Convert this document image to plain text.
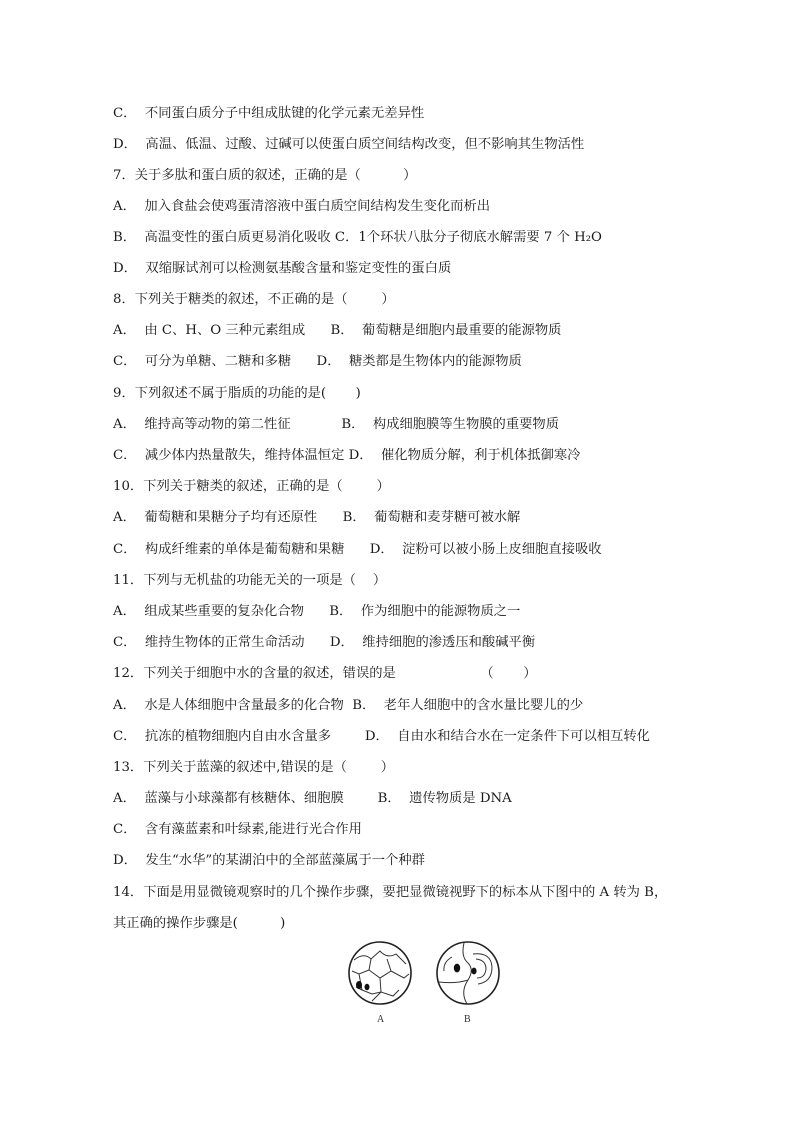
C．  不同蛋白质分子中组成肽键的化学元素无差异性
D．  高温、低温、过酸、过碱可以使蛋白质空间结构改变，但不影响其生物活性
7．关于多肽和蛋白质的叙述，正确的是（          ）
A．  加入食盐会使鸡蛋清溶液中蛋白质空间结构发生变化而析出
B．  高温变性的蛋白质更易消化吸收 C．1个环状八肽分子彻底水解需要 7 个 H₂O
D．  双缩脲试剂可以检测氨基酸含量和鉴定变性的蛋白质
8．下列关于糖类的叙述，不正确的是（        ）
A．  由 C、H、O 三种元素组成      B．  葡萄糖是细胞内最重要的能源物质
C．  可分为单糖、二糖和多糖      D．  糖类都是生物体内的能源物质
9．下列叙述不属于脂质的功能的是(       )
A．  维持高等动物的第二性征            B．  构成细胞膜等生物膜的重要物质
C．  减少体内热量散失，维持体温恒定 D．  催化物质分解，利于机体抵御寒冷
10．下列关于糖类的叙述，正确的是（        ）
A．  葡萄糖和果糖分子均有还原性      B．  葡萄糖和麦芽糖可被水解
C．  构成纤维素的单体是葡萄糖和果糖      D．  淀粉可以被小肠上皮细胞直接吸收
11．下列与无机盐的功能无关的一项是（    ）
A．  组成某些重要的复杂化合物      B．  作为细胞中的能源物质之一
C．  维持生物体的正常生命活动      D．  维持细胞的渗透压和酸碱平衡
12．下列关于细胞中水的含量的叙述，错误的是                    （       ）
A．  水是人体细胞中含量最多的化合物  B．  老年人细胞中的含水量比婴儿的少
C．  抗冻的植物细胞内自由水含量多        D．  自由水和结合水在一定条件下可以相互转化
13．下列关于蓝藻的叙述中,错误的是（        ）
A．  蓝藻与小球藻都有核糖体、细胞膜        B．  遗传物质是 DNA
C．  含有藻蓝素和叶绿素,能进行光合作用
D．  发生“水华”的某湖泊中的全部蓝藻属于一个种群
14．下面是用显微镜观察时的几个操作步骤，要把显微镜视野下的标本从下图中的 A 转为 B，
其正确的操作步骤是(          )
A	B
